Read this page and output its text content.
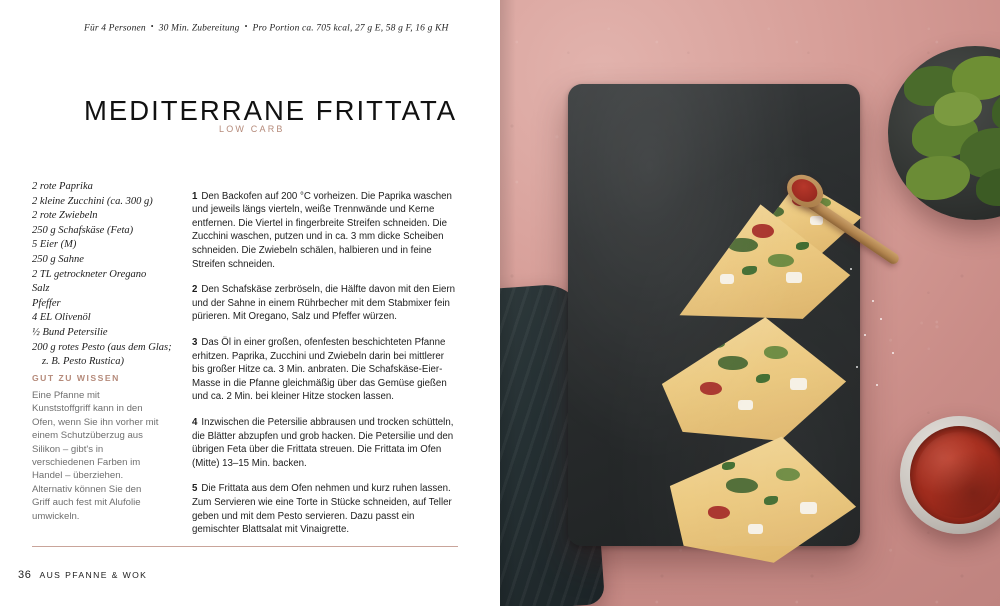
Für 4 Personen • 30 Min. Zubereitung • Pro Portion ca. 705 kcal, 27 g E, 58 g F, 16 g KH
MEDITERRANE FRITTATA
LOW CARB
2 rote Paprika
2 kleine Zucchini (ca. 300 g)
2 rote Zwiebeln
250 g Schafskäse (Feta)
5 Eier (M)
250 g Sahne
2 TL getrockneter Oregano
Salz
Pfeffer
4 EL Olivenöl
½ Bund Petersilie
200 g rotes Pesto (aus dem Glas;
z. B. Pesto Rustica)
GUT ZU WISSEN
Eine Pfanne mit Kunststoffgriff kann in den Ofen, wenn Sie ihn vorher mit einem Schutzüberzug aus Silikon – gibt's in verschiedenen Farben im Handel – überziehen. Alternativ können Sie den Griff auch fest mit Alufolie umwickeln.

1 Den Backofen auf 200 °C vorheizen. Die Paprika waschen und jeweils längs vierteln, weiße Trennwände und Kerne entfernen. Die Viertel in fingerbreite Streifen schneiden. Die Zucchini waschen, putzen und in ca. 3 mm dicke Scheiben schneiden. Die Zwiebeln schälen, halbieren und in feine Streifen schneiden.

2 Den Schafskäse zerbröseln, die Hälfte davon mit den Eiern und der Sahne in einem Rührbecher mit dem Stabmixer fein pürieren. Mit Oregano, Salz und Pfeffer würzen.

3 Das Öl in einer großen, ofenfesten beschichteten Pfanne erhitzen. Paprika, Zucchini und Zwiebeln darin bei mittlerer bis großer Hitze ca. 3 Min. anbraten. Die Schafskäse-Eier-Masse in die Pfanne gleichmäßig über das Gemüse gießen und ca. 2 Min. bei kleiner Hitze stocken lassen.

4 Inzwischen die Petersilie abbrausen und trocken schütteln, die Blätter abzupfen und grob hacken. Die Petersilie und den übrigen Feta über die Frittata streuen. Die Frittata im Ofen (Mitte) 13–15 Min. backen.

5 Die Frittata aus dem Ofen nehmen und kurz ruhen lassen. Zum Servieren wie eine Torte in Stücke schneiden, auf Teller geben und mit dem Pesto servieren. Dazu passt ein gemischter Blattsalat mit Vinaigrette.

36 AUS PFANNE & WOK
